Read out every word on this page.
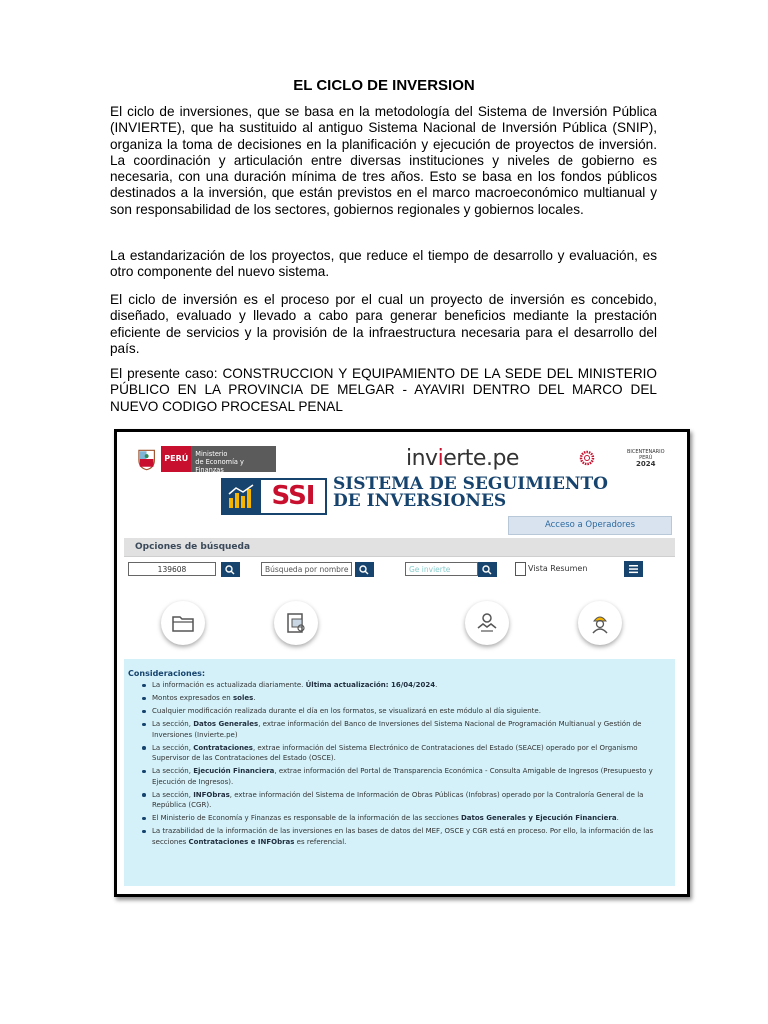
EL CICLO DE INVERSION
El ciclo de inversiones, que se basa en la metodología del Sistema de Inversión Pública (INVIERTE), que ha sustituido al antiguo Sistema Nacional de Inversión Pública (SNIP), organiza la toma de decisiones en la planificación y ejecución de proyectos de inversión. La coordinación y articulación entre diversas instituciones y niveles de gobierno es necesaria, con una duración mínima de tres años. Esto se basa en los fondos públicos destinados a la inversión, que están previstos en el marco macroeconómico multianual y son responsabilidad de los sectores, gobiernos regionales y gobiernos locales.
La estandarización de los proyectos, que reduce el tiempo de desarrollo y evaluación, es otro componente del nuevo sistema.
El ciclo de inversión es el proceso por el cual un proyecto de inversión es concebido, diseñado, evaluado y llevado a cabo para generar beneficios mediante la prestación eficiente de servicios y la provisión de la infraestructura necesaria para el desarrollo del país.
El presente caso: CONSTRUCCION Y EQUIPAMIENTO DE LA SEDE DEL MINISTERIO PÚBLICO EN LA PROVINCIA DE MELGAR - AYAVIRI DENTRO DEL MARCO DEL NUEVO CODIGO PROCESAL PENAL
PERÚ	Ministerio
de Economía y Finanzas	invierte.pe	BICENTENARIO
PERÚ
2024
SSI	SISTEMA DE SEGUIMIENTO
DE INVERSIONES
Acceso a Operadores
Opciones de búsqueda
139608	Búsqueda por nombre	Ge invierte	Vista Resumen
Consideraciones:
La información es actualizada diariamente. Última actualización: 16/04/2024.
Montos expresados en soles.
Cualquier modificación realizada durante el día en los formatos, se visualizará en este módulo al día siguiente.
La sección, Datos Generales, extrae información del Banco de Inversiones del Sistema Nacional de Programación Multianual y Gestión de Inversiones (Invierte.pe)
La sección, Contrataciones, extrae información del Sistema Electrónico de Contrataciones del Estado (SEACE) operado por el Organismo Supervisor de las Contrataciones del Estado (OSCE).
La sección, Ejecución Financiera, extrae información del Portal de Transparencia Económica - Consulta Amigable de Ingresos (Presupuesto y Ejecución de Ingresos).
La sección, INFObras, extrae información del Sistema de Información de Obras Públicas (Infobras) operado por la Contraloría General de la República (CGR).
El Ministerio de Economía y Finanzas es responsable de la información de las secciones Datos Generales y Ejecución Financiera.
La trazabilidad de la información de las inversiones en las bases de datos del MEF, OSCE y CGR está en proceso. Por ello, la información de las secciones Contrataciones e INFObras es referencial.
